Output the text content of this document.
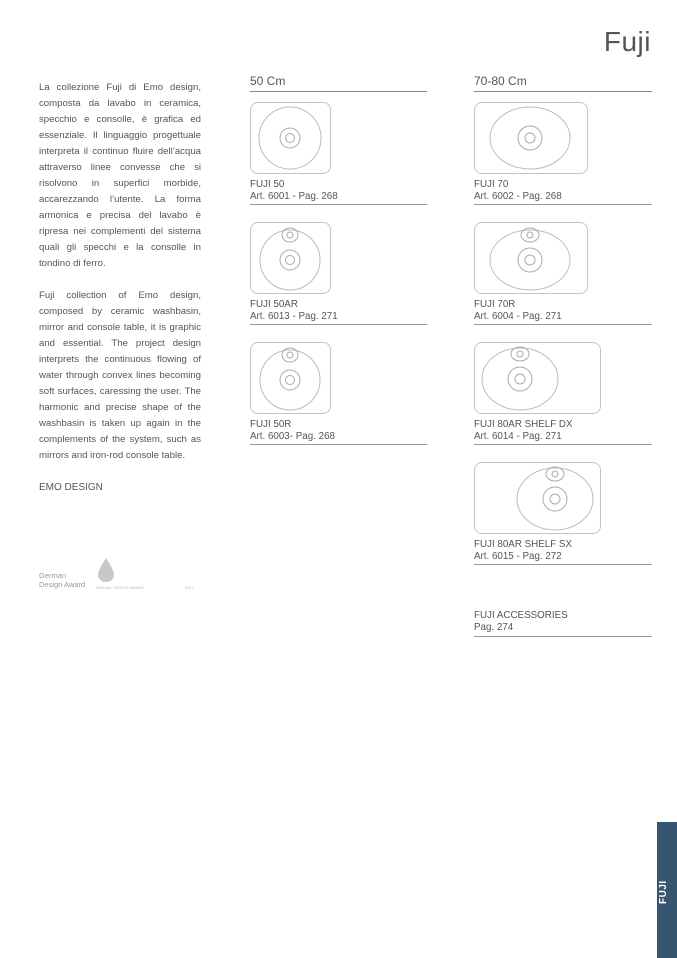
Fuji

La collezione Fuji di Emo design, composta da lavabo in ceramica, specchio e consolle, è grafica ed essenziale. Il linguaggio progettuale interpreta il continuo fluire dell’acqua attraverso linee convesse che si risolvono in superfici morbide, accarezzando l’utente. La forma armonica e precisa del lavabo è ripresa nei complementi del sistema quali gli specchi e la consolle in tondino di ferro.

Fuji collection of Emo design, composed by ceramic washbasin, mirror and console table, it is graphic and essential. The project design interprets the continuous flowing of water through convex lines becoming soft surfaces, caressing the user. The harmonic and precise shape of the washbasin is taken up again in the complements of the system, such as mirrors and iron-rod console table.

EMO DESIGN
German
Design Award	ANNUAL DESIGN AWARD	2017
50 Cm	70-80 Cm
FUJI 50
Art. 6001 - Pag. 268
FUJI 50AR
Art. 6013 - Pag. 271
FUJI 50R
Art. 6003- Pag. 268
FUJI 70
Art. 6002 - Pag. 268
FUJI 70R
Art. 6004 - Pag. 271
FUJI 80AR SHELF DX
Art. 6014 - Pag. 271
FUJI 80AR SHELF SX
Art. 6015 - Pag. 272
FUJI ACCESSORIES
Pag. 274
FUJI
